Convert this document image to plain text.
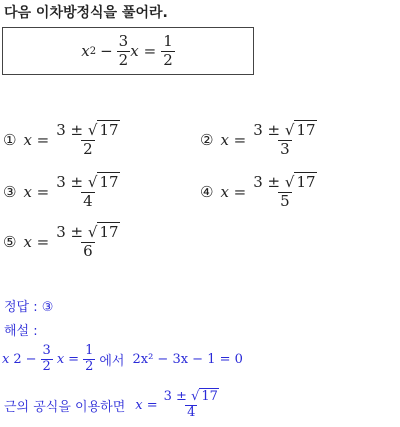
다음 이차방정식을 풀어라.
x $2 - \frac{3}{2}$ $x = \frac{1}{2}$
① $x = \frac{3 \pm √ 17}{2}$	② $x = \frac{3 \pm √ 17}{3}$
③ $x = \frac{3 \pm √ 17}{4}$	④ $x = \frac{3 \pm √ 17}{5}$
⑤ $x = \frac{3 \pm √ 17}{6}$
정답 : ③
해설 :
x $2 - \frac{3}{2}$ $x = \frac{1}{2}$ 에서 2x² − 3x − 1 = 0
근의 공식을 이용하면 $x = \frac{3 \pm √ 17}{4}$
